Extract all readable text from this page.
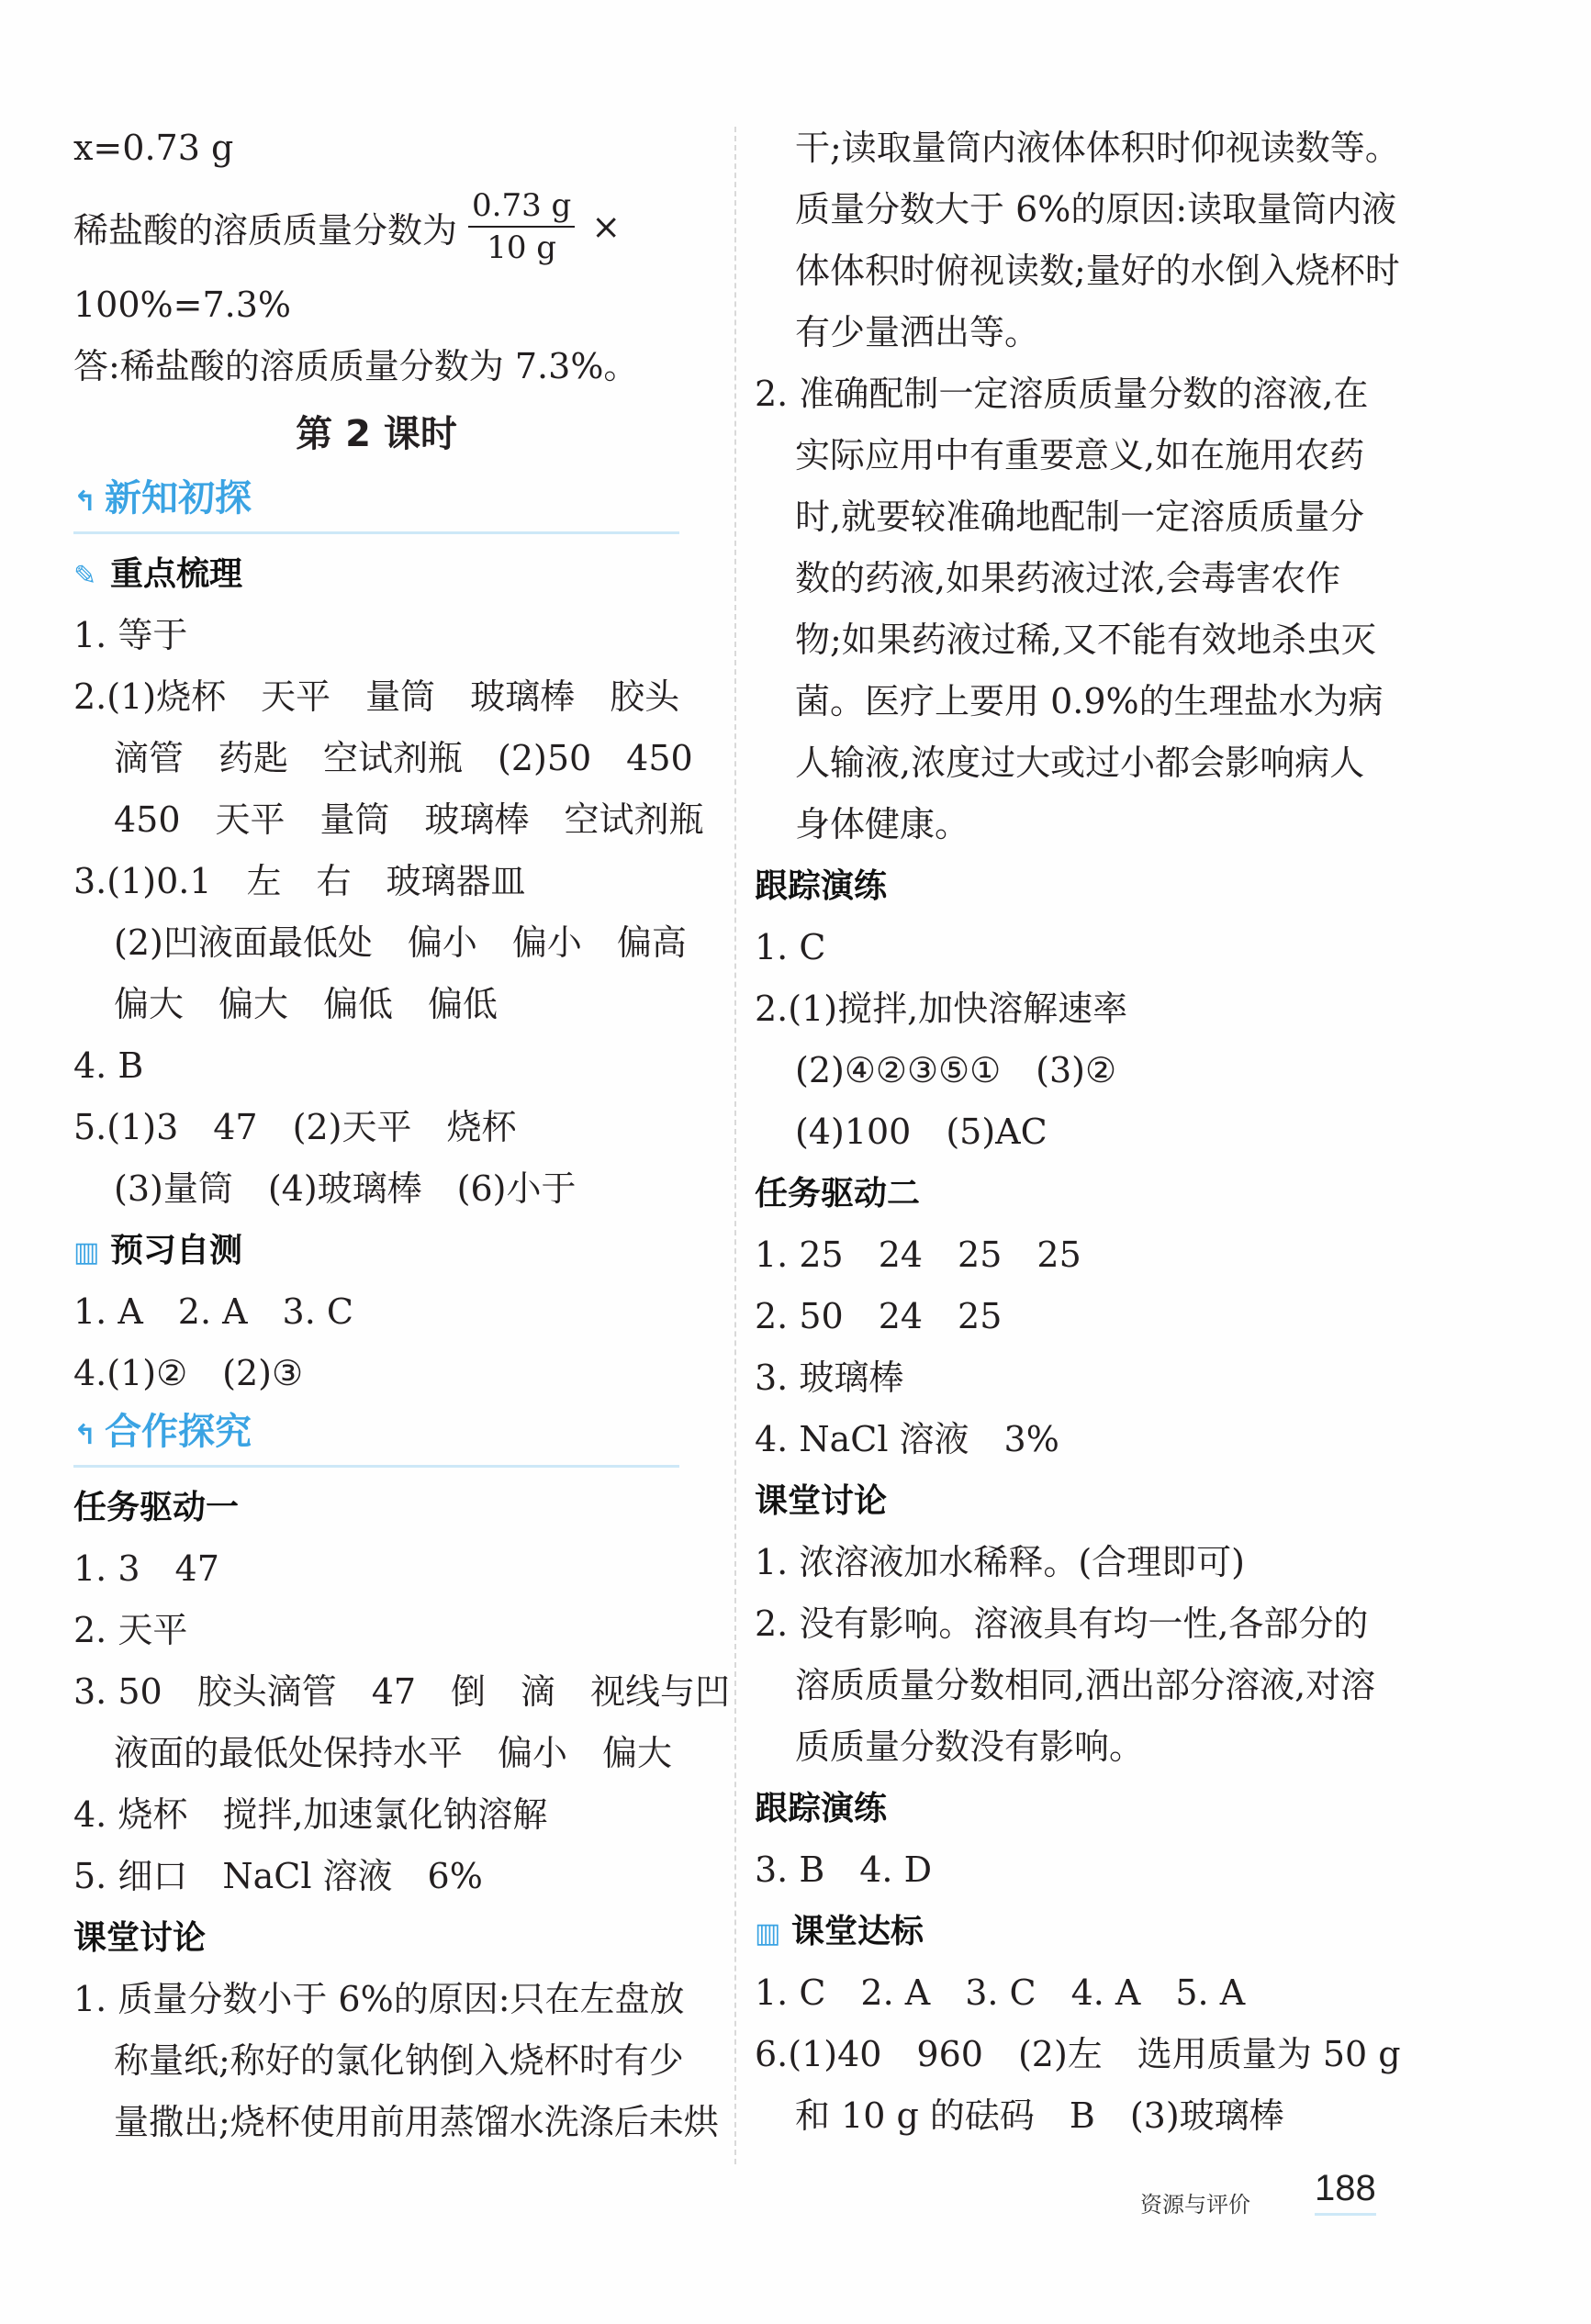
x=0.73 g
稀盐酸的溶质质量分数为 $\frac{0.73 g}{10 g}$ ×
100%=7.3%
答:稀盐酸的溶质质量分数为 7.3%。
第 2 课时
↰ 新知初探
✎ 重点梳理
1. 等于
2.(1)烧杯　天平　量筒　玻璃棒　胶头
滴管　药匙　空试剂瓶　(2)50　450
450　天平　量筒　玻璃棒　空试剂瓶
3.(1)0.1　左　右　玻璃器皿
(2)凹液面最低处　偏小　偏小　偏高
偏大　偏大　偏低　偏低
4. B
5.(1)3　47　(2)天平　烧杯
(3)量筒　(4)玻璃棒　(6)小于
▥ 预习自测
1. A　2. A　3. C
4.(1)②　(2)③
↰ 合作探究
任务驱动一
1. 3　47
2. 天平
3. 50　胶头滴管　47　倒　滴　视线与凹
液面的最低处保持水平　偏小　偏大
4. 烧杯　搅拌,加速氯化钠溶解
5. 细口　NaCl 溶液　6%
课堂讨论
1. 质量分数小于 6%的原因:只在左盘放
称量纸;称好的氯化钠倒入烧杯时有少
量撒出;烧杯使用前用蒸馏水洗涤后未烘
干;读取量筒内液体体积时仰视读数等。
质量分数大于 6%的原因:读取量筒内液
体体积时俯视读数;量好的水倒入烧杯时
有少量洒出等。
2. 准确配制一定溶质质量分数的溶液,在
实际应用中有重要意义,如在施用农药
时,就要较准确地配制一定溶质质量分
数的药液,如果药液过浓,会毒害农作
物;如果药液过稀,又不能有效地杀虫灭
菌。医疗上要用 0.9%的生理盐水为病
人输液,浓度过大或过小都会影响病人
身体健康。
跟踪演练
1. C
2.(1)搅拌,加快溶解速率
(2)④②③⑤①　(3)②
(4)100　(5)AC
任务驱动二
1. 25　24　25　25
2. 50　24　25
3. 玻璃棒
4. NaCl 溶液　3%
课堂讨论
1. 浓溶液加水稀释。(合理即可)
2. 没有影响。溶液具有均一性,各部分的
溶质质量分数相同,洒出部分溶液,对溶
质质量分数没有影响。
跟踪演练
3. B　4. D
▥ 课堂达标
1. C　2. A　3. C　4. A　5. A
6.(1)40　960　(2)左　选用质量为 50 g
和 10 g 的砝码　B　(3)玻璃棒
资源与评价 188
